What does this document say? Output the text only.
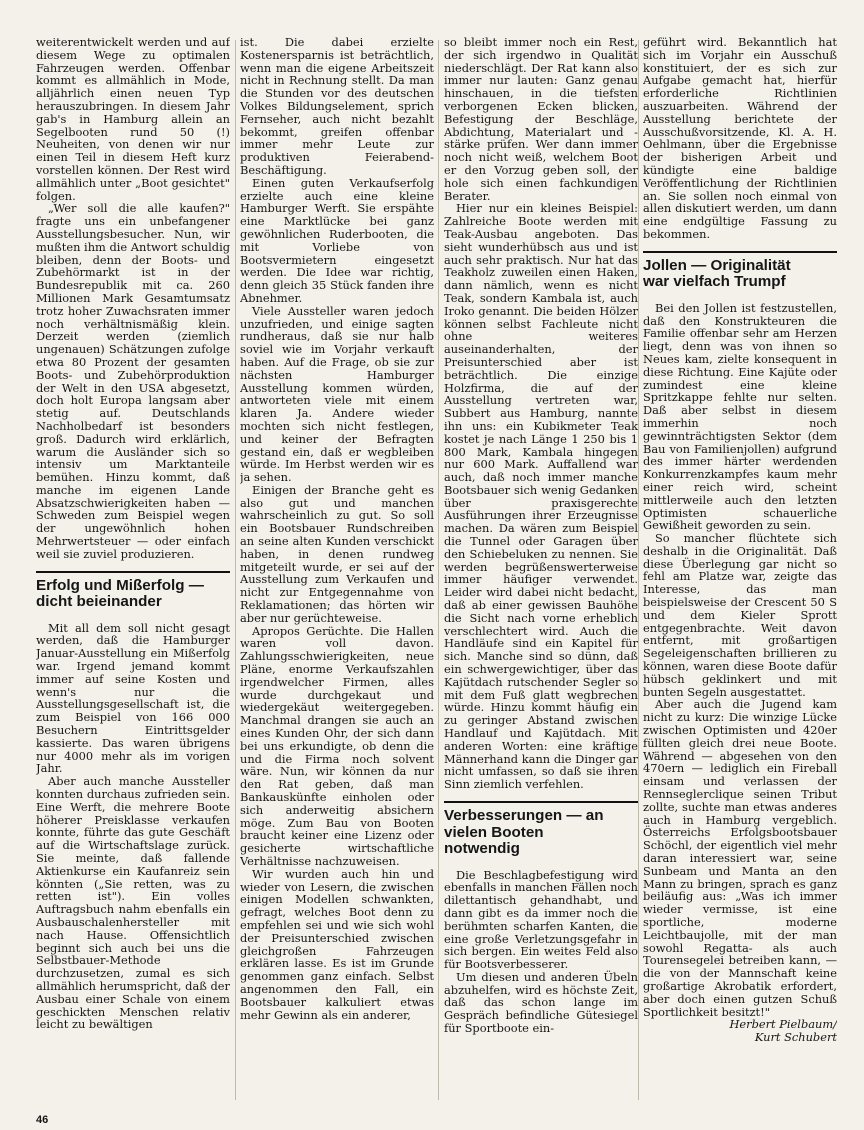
weiterentwickelt werden und auf diesem Wege zu optimalen Fahrzeugen werden. Offenbar kommt es allmählich in Mode, alljährlich einen neuen Typ herauszubringen. In diesem Jahr gab's in Hamburg allein an Segelbooten rund 50 (!) Neuheiten, von denen wir nur einen Teil in diesem Heft kurz vorstellen können. Der Rest wird allmählich unter „Boot gesichtet" folgen.

„Wer soll die alle kaufen?" fragte uns ein unbefangener Ausstellungsbesucher. Nun, wir mußten ihm die Antwort schuldig bleiben, denn der Boots- und Zubehörmarkt ist in der Bundesrepublik mit ca. 260 Millionen Mark Gesamtumsatz trotz hoher Zuwachsraten immer noch verhältnismäßig klein. Derzeit werden (ziemlich ungenauen) Schätzungen zufolge etwa 80 Prozent der gesamten Boots- und Zubehörproduktion der Welt in den USA abgesetzt, doch holt Europa langsam aber stetig auf. Deutschlands Nachholbedarf ist besonders groß. Dadurch wird erklärlich, warum die Ausländer sich so intensiv um Marktanteile bemühen. Hinzu kommt, daß manche im eigenen Lande Absatzschwierigkeiten haben — Schweden zum Beispiel wegen der ungewöhnlich hohen Mehrwertsteuer — oder einfach weil sie zuviel produzieren.

Erfolg und Mißerfolg —
dicht beieinander

Mit all dem soll nicht gesagt werden, daß die Hamburger Januar-Ausstellung ein Mißerfolg war. Irgend jemand kommt immer auf seine Kosten und wenn's nur die Ausstellungsgesellschaft ist, die zum Beispiel von 166 000 Besuchern Eintrittsgelder kassierte. Das waren übrigens nur 4000 mehr als im vorigen Jahr.

Aber auch manche Aussteller konnten durchaus zufrieden sein. Eine Werft, die mehrere Boote höherer Preisklasse verkaufen konnte, führte das gute Geschäft auf die Wirtschaftslage zurück. Sie meinte, daß fallende Aktienkurse ein Kaufanreiz sein könnten („Sie retten, was zu retten ist"). Ein volles Auftragsbuch nahm ebenfalls ein Ausbauschalenhersteller mit nach Hause. Offensichtlich beginnt sich auch bei uns die Selbstbauer-Methode durchzusetzen, zumal es sich allmählich herumspricht, daß der Ausbau einer Schale von einem geschickten Menschen relativ leicht zu bewältigen

ist. Die dabei erzielte Kostenersparnis ist beträchtlich, wenn man die eigene Arbeitszeit nicht in Rechnung stellt. Da man die Stunden vor des deutschen Volkes Bildungselement, sprich Fernseher, auch nicht bezahlt bekommt, greifen offenbar immer mehr Leute zur produktiven Feierabend-Beschäftigung.

Einen guten Verkaufserfolg erzielte auch eine kleine Hamburger Werft. Sie erspähte eine Marktlücke bei ganz gewöhnlichen Ruderbooten, die mit Vorliebe von Bootsvermietern eingesetzt werden. Die Idee war richtig, denn gleich 35 Stück fanden ihre Abnehmer.

Viele Aussteller waren jedoch unzufrieden, und einige sagten rundheraus, daß sie nur halb soviel wie im Vorjahr verkauft haben. Auf die Frage, ob sie zur nächsten Hamburger Ausstellung kommen würden, antworteten viele mit einem klaren Ja. Andere wieder mochten sich nicht festlegen, und keiner der Befragten gestand ein, daß er wegbleiben würde. Im Herbst werden wir es ja sehen.

Einigen der Branche geht es also gut und manchen wahrscheinlich zu gut. So soll ein Bootsbauer Rundschreiben an seine alten Kunden verschickt haben, in denen rundweg mitgeteilt wurde, er sei auf der Ausstellung zum Verkaufen und nicht zur Entgegennahme von Reklamationen; das hörten wir aber nur gerüchteweise.

Apropos Gerüchte. Die Hallen waren voll davon. Zahlungsschwierigkeiten, neue Pläne, enorme Verkaufszahlen irgendwelcher Firmen, alles wurde durchgekaut und wiedergekäut weitergegeben. Manchmal drangen sie auch an eines Kunden Ohr, der sich dann bei uns erkundigte, ob denn die und die Firma noch solvent wäre. Nun, wir können da nur den Rat geben, daß man Bankauskünfte einholen oder sich anderweitig absichern möge. Zum Bau von Booten braucht keiner eine Lizenz oder gesicherte wirtschaftliche Verhältnisse nachzuweisen.

Wir wurden auch hin und wieder von Lesern, die zwischen einigen Modellen schwankten, gefragt, welches Boot denn zu empfehlen sei und wie sich wohl der Preisunterschied zwischen gleichgroßen Fahrzeugen erklären lasse. Es ist im Grunde genommen ganz einfach. Selbst angenommen den Fall, ein Bootsbauer kalkuliert etwas mehr Gewinn als ein anderer,

so bleibt immer noch ein Rest, der sich irgendwo in Qualität niederschlägt. Der Rat kann also immer nur lauten: Ganz genau hinschauen, in die tiefsten verborgenen Ecken blicken, Befestigung der Beschläge, Abdichtung, Materialart und -stärke prüfen. Wer dann immer noch nicht weiß, welchem Boot er den Vorzug geben soll, der hole sich einen fachkundigen Berater.

Hier nur ein kleines Beispiel: Zahlreiche Boote werden mit Teak-Ausbau angeboten. Das sieht wunderhübsch aus und ist auch sehr praktisch. Nur hat das Teakholz zuweilen einen Haken, dann nämlich, wenn es nicht Teak, sondern Kambala ist, auch Iroko genannt. Die beiden Hölzer können selbst Fachleute nicht ohne weiteres auseinanderhalten, der Preisunterschied aber ist beträchtlich. Die einzige Holzfirma, die auf der Ausstellung vertreten war, Subbert aus Hamburg, nannte ihn uns: ein Kubikmeter Teak kostet je nach Länge 1 250 bis 1 800 Mark, Kambala hingegen nur 600 Mark. Auffallend war auch, daß noch immer manche Bootsbauer sich wenig Gedanken über praxisgerechte Ausführungen ihrer Erzeugnisse machen. Da wären zum Beispiel die Tunnel oder Garagen über den Schiebeluken zu nennen. Sie werden begrüßenswerterweise immer häufiger verwendet. Leider wird dabei nicht bedacht, daß ab einer gewissen Bauhöhe die Sicht nach vorne erheblich verschlechtert wird. Auch die Handläufe sind ein Kapitel für sich. Manche sind so dünn, daß ein schwergewichtiger, über das Kajütdach rutschender Segler so mit dem Fuß glatt wegbrechen würde. Hinzu kommt häufig ein zu geringer Abstand zwischen Handlauf und Kajütdach. Mit anderen Worten: eine kräftige Männerhand kann die Dinger gar nicht umfassen, so daß sie ihren Sinn ziemlich verfehlen.

Verbesserungen — an
vielen Booten
notwendig

Die Beschlagbefestigung wird ebenfalls in manchen Fällen noch dilettantisch gehandhabt, und dann gibt es da immer noch die berühmten scharfen Kanten, die eine große Verletzungsgefahr in sich bergen. Ein weites Feld also für Bootsverbesserer.

Um diesen und anderen Übeln abzuhelfen, wird es höchste Zeit, daß das schon lange im Gespräch befindliche Gütesiegel für Sportboote ein-

geführt wird. Bekanntlich hat sich im Vorjahr ein Ausschuß konstituiert, der es sich zur Aufgabe gemacht hat, hierfür erforderliche Richtlinien auszuarbeiten. Während der Ausstellung berichtete der Ausschußvorsitzende, Kl. A. H. Oehlmann, über die Ergebnisse der bisherigen Arbeit und kündigte eine baldige Veröffentlichung der Richtlinien an. Sie sollen noch einmal von allen diskutiert werden, um dann eine endgültige Fassung zu bekommen.

Jollen — Originalität
war vielfach Trumpf

Bei den Jollen ist festzustellen, daß den Konstrukteuren die Familie offenbar sehr am Herzen liegt, denn was von ihnen so Neues kam, zielte konsequent in diese Richtung. Eine Kajüte oder zumindest eine kleine Spritzkappe fehlte nur selten. Daß aber selbst in diesem immerhin noch gewinnträchtigsten Sektor (dem Bau von Familienjollen) aufgrund des immer härter werdenden Konkurrenzkampfes kaum mehr einer reich wird, scheint mittlerweile auch den letzten Optimisten schauerliche Gewißheit geworden zu sein.

So mancher flüchtete sich deshalb in die Originalität. Daß diese Überlegung gar nicht so fehl am Platze war, zeigte das Interesse, das man beispielsweise der Crescent 50 S und dem Kieler Sprott entgegenbrachte. Weit davon entfernt, mit großartigen Segeleigenschaften brillieren zu können, waren diese Boote dafür hübsch geklinkert und mit bunten Segeln ausgestattet.

Aber auch die Jugend kam nicht zu kurz: Die winzige Lücke zwischen Optimisten und 420er füllten gleich drei neue Boote. Während — abgesehen von den 470ern — lediglich ein Fireball einsam und verlassen der Rennseglerclique seinen Tribut zollte, suchte man etwas anderes auch in Hamburg vergeblich. Österreichs Erfolgsbootsbauer Schöchl, der eigentlich viel mehr daran interessiert war, seine Sunbeam und Manta an den Mann zu bringen, sprach es ganz beiläufig aus: „Was ich immer wieder vermisse, ist eine sportliche, moderne Leichtbaujolle, mit der man sowohl Regatta- als auch Tourensegelei betreiben kann, — die von der Mannschaft keine großartige Akrobatik erfordert, aber doch einen gutzen Schuß Sportlichkeit besitzt!"

Herbert Pielbaum/

Kurt Schubert

46
